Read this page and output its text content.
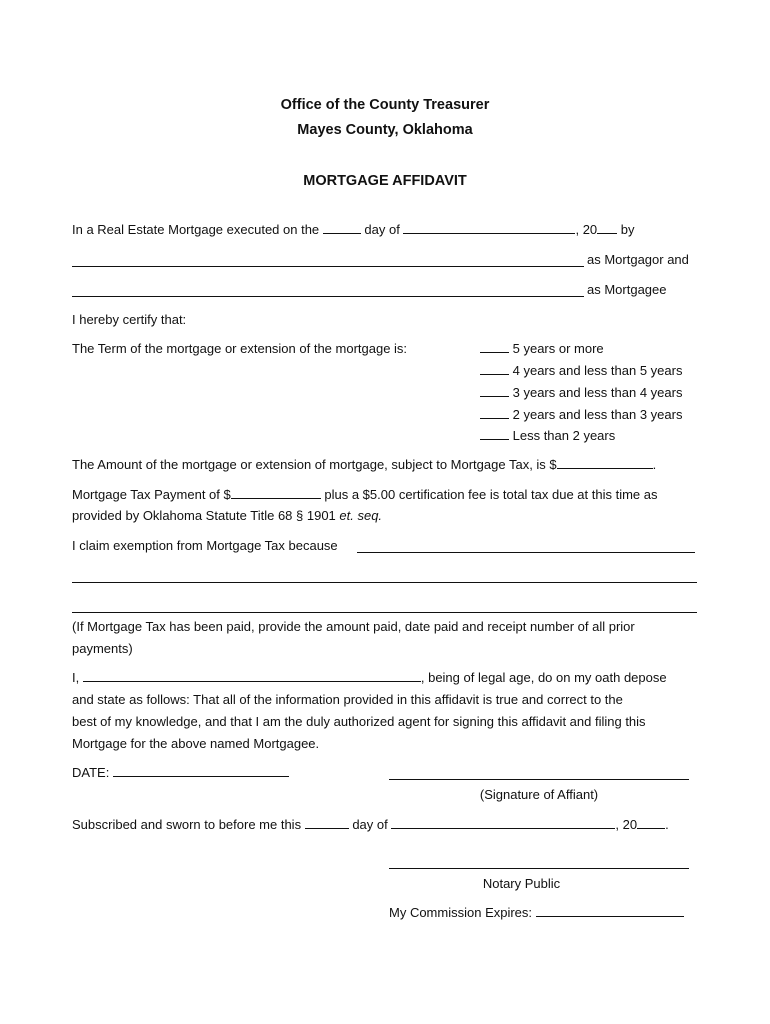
Office of the County Treasurer
Mayes County, Oklahoma
MORTGAGE AFFIDAVIT
In a Real Estate Mortgage executed on the	day of	, 20 by
as Mortgagor and
as Mortgagee
I hereby certify that:
The Term of the mortgage or extension of the mortgage is:	5 years or more
4 years and less than 5 years
3 years and less than 4 years
2 years and less than 3 years
Less than 2 years
The Amount of the mortgage or extension of mortgage, subject to Mortgage Tax, is $	.
Mortgage Tax Payment of $	plus a $5.00 certification fee is total tax due at this time as
provided by Oklahoma Statute Title 68 § 1901 et. seq.
I claim exemption from Mortgage Tax because
(If Mortgage Tax has been paid, provide the amount paid, date paid and receipt number of all prior
payments)
I,	, being of legal age, do on my oath depose
and state as follows: That all of the information provided in this affidavit is true and correct to the
best of my knowledge, and that I am the duly authorized agent for signing this affidavit and filing this
Mortgage for the above named Mortgagee.
DATE:
(Signature of Affiant)
Subscribed and sworn to before me this	day of	, 20 .
Notary Public
My Commission Expires:
